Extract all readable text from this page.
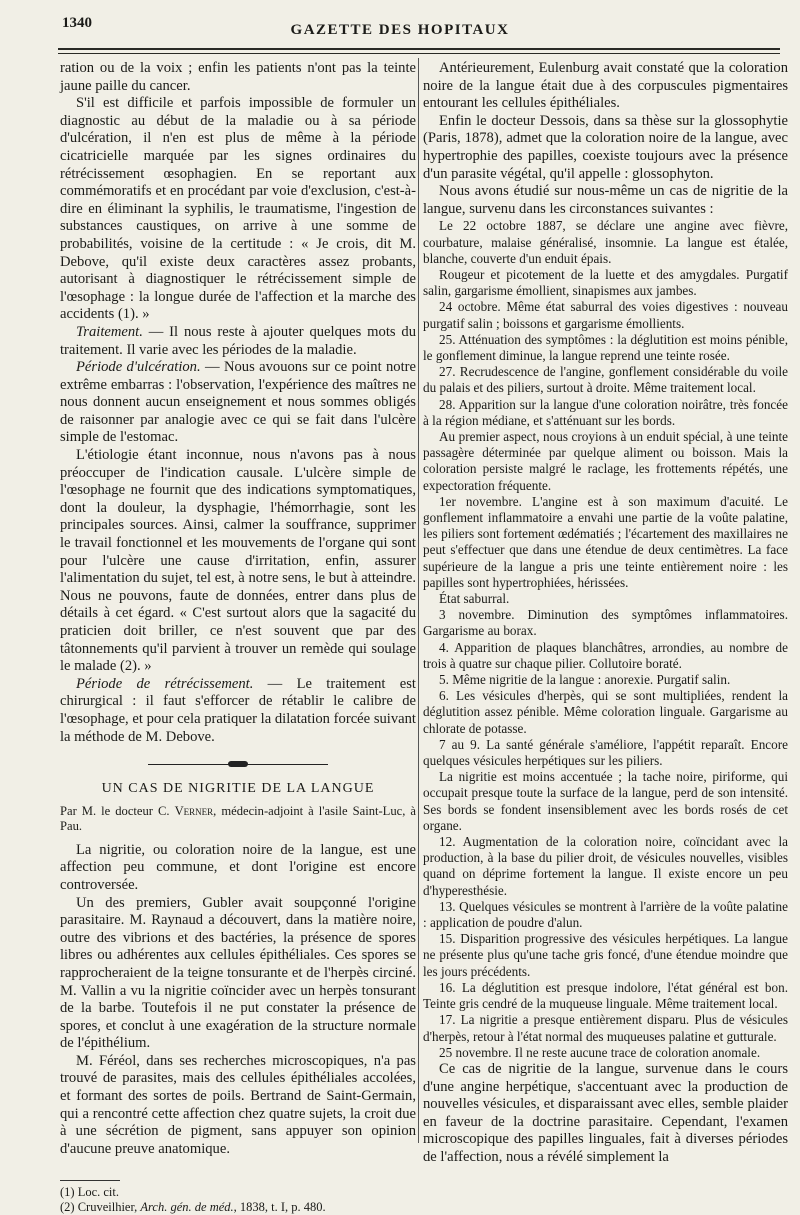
1340	GAZETTE DES HOPITAUX

ration ou de la voix ; enfin les patients n'ont pas la teinte jaune paille du cancer.

S'il est difficile et parfois impossible de formuler un diagnostic au début de la maladie ou à sa période d'ulcération, il n'en est plus de même à la période cicatricielle marquée par les signes ordinaires du rétrécissement œsophagien. En se reportant aux commémoratifs et en procédant par voie d'exclusion, c'est-à-dire en éliminant la syphilis, le traumatisme, l'ingestion de substances caustiques, on arrive à une somme de probabilités, voisine de la certitude : « Je crois, dit M. Debove, qu'il existe deux caractères assez probants, autorisant à diagnostiquer le rétrécissement simple de l'œsophage : la longue durée de l'affection et la marche des accidents (1). »

Traitement. — Il nous reste à ajouter quelques mots du traitement. Il varie avec les périodes de la maladie.

Période d'ulcération. — Nous avouons sur ce point notre extrême embarras : l'observation, l'expérience des maîtres ne nous donnent aucun enseignement et nous sommes obligés de raisonner par analogie avec ce qui se fait dans l'ulcère simple de l'estomac.

L'étiologie étant inconnue, nous n'avons pas à nous préoccuper de l'indication causale. L'ulcère simple de l'œsophage ne fournit que des indications symptomatiques, dont la douleur, la dysphagie, l'hémorrhagie, sont les principales sources. Ainsi, calmer la souffrance, supprimer le travail fonctionnel et les mouvements de l'organe qui sont pour l'ulcère une cause d'irritation, enfin, assurer l'alimentation du sujet, tel est, à notre sens, le but à atteindre. Nous ne pouvons, faute de données, entrer dans plus de détails à cet égard. « C'est surtout alors que la sagacité du praticien doit briller, ce n'est souvent que par des tâtonnements qu'il parvient à trouver un remède qui soulage le malade (2). »

Période de rétrécissement. — Le traitement est chirurgical : il faut s'efforcer de rétablir le calibre de l'œsophage, et pour cela pratiquer la dilatation forcée suivant la méthode de M. Debove.

UN CAS DE NIGRITIE DE LA LANGUE

Par M. le docteur C. Verner, médecin-adjoint à l'asile Saint-Luc, à Pau.

La nigritie, ou coloration noire de la langue, est une affection peu commune, et dont l'origine est encore controversée.

Un des premiers, Gubler avait soupçonné l'origine parasitaire. M. Raynaud a découvert, dans la matière noire, outre des vibrions et des bactéries, la présence de spores libres ou adhérentes aux cellules épithéliales. Ces spores se rapprocheraient de la teigne tonsurante et de l'herpès circiné. M. Vallin a vu la nigritie coïncider avec un herpès tonsurant de la barbe. Toutefois il ne put constater la présence de spores, et conclut à une exagération de la structure normale de l'épithélium.

M. Féréol, dans ses recherches microscopiques, n'a pas trouvé de parasites, mais des cellules épithéliales accolées, et formant des sortes de poils. Bertrand de Saint-Germain, qui a rencontré cette affection chez quatre sujets, la croit due à une sécrétion de pigment, sans appuyer son opinion d'aucune preuve anatomique.

(1) Loc. cit.

(2) Cruveilhier, Arch. gén. de méd., 1838, t. I, p. 480.

Antérieurement, Eulenburg avait constaté que la coloration noire de la langue était due à des corpuscules pigmentaires entourant les cellules épithéliales.

Enfin le docteur Dessois, dans sa thèse sur la glossophytie (Paris, 1878), admet que la coloration noire de la langue, avec hypertrophie des papilles, coexiste toujours avec la présence d'un parasite végétal, qu'il appelle : glossophyton.

Nous avons étudié sur nous-même un cas de nigritie de la langue, survenu dans les circonstances suivantes :

Le 22 octobre 1887, se déclare une angine avec fièvre, courbature, malaise généralisé, insomnie. La langue est étalée, blanche, couverte d'un enduit épais.

Rougeur et picotement de la luette et des amygdales. Purgatif salin, gargarisme émollient, sinapismes aux jambes.

24 octobre. Même état saburral des voies digestives : nouveau purgatif salin ; boissons et gargarisme émollients.

25. Atténuation des symptômes : la déglutition est moins pénible, le gonflement diminue, la langue reprend une teinte rosée.

27. Recrudescence de l'angine, gonflement considérable du voile du palais et des piliers, surtout à droite. Même traitement local.

28. Apparition sur la langue d'une coloration noirâtre, très foncée à la région médiane, et s'atténuant sur les bords.

Au premier aspect, nous croyions à un enduit spécial, à une teinte passagère déterminée par quelque aliment ou boisson. Mais la coloration persiste malgré le raclage, les frottements répétés, une expectoration fréquente.

1er novembre. L'angine est à son maximum d'acuité. Le gonflement inflammatoire a envahi une partie de la voûte palatine, les piliers sont fortement œdématiés ; l'écartement des maxillaires ne peut s'effectuer que dans une étendue de deux centimètres. La face supérieure de la langue a pris une teinte entièrement noire : les papilles sont hypertrophiées, hérissées.

État saburral.

3 novembre. Diminution des symptômes inflammatoires. Gargarisme au borax.

4. Apparition de plaques blanchâtres, arrondies, au nombre de trois à quatre sur chaque pilier. Collutoire boraté.

5. Même nigritie de la langue : anorexie. Purgatif salin.

6. Les vésicules d'herpès, qui se sont multipliées, rendent la déglutition assez pénible. Même coloration linguale. Gargarisme au chlorate de potasse.

7 au 9. La santé générale s'améliore, l'appétit reparaît. Encore quelques vésicules herpétiques sur les piliers.

La nigritie est moins accentuée ; la tache noire, piriforme, qui occupait presque toute la surface de la langue, perd de son intensité. Ses bords se fondent insensiblement avec les bords rosés de cet organe.

12. Augmentation de la coloration noire, coïncidant avec la production, à la base du pilier droit, de vésicules nouvelles, visibles quand on déprime fortement la langue. Il existe encore un peu d'hyperesthésie.

13. Quelques vésicules se montrent à l'arrière de la voûte palatine : application de poudre d'alun.

15. Disparition progressive des vésicules herpétiques. La langue ne présente plus qu'une tache gris foncé, d'une étendue moindre que les jours précédents.

16. La déglutition est presque indolore, l'état général est bon. Teinte gris cendré de la muqueuse linguale. Même traitement local.

17. La nigritie a presque entièrement disparu. Plus de vésicules d'herpès, retour à l'état normal des muqueuses palatine et gutturale.

25 novembre. Il ne reste aucune trace de coloration anomale.

Ce cas de nigritie de la langue, survenue dans le cours d'une angine herpétique, s'accentuant avec la production de nouvelles vésicules, et disparaissant avec elles, semble plaider en faveur de la doctrine parasitaire. Cependant, l'examen microscopique des papilles linguales, fait à diverses périodes de l'affection, nous a révélé simplement la
